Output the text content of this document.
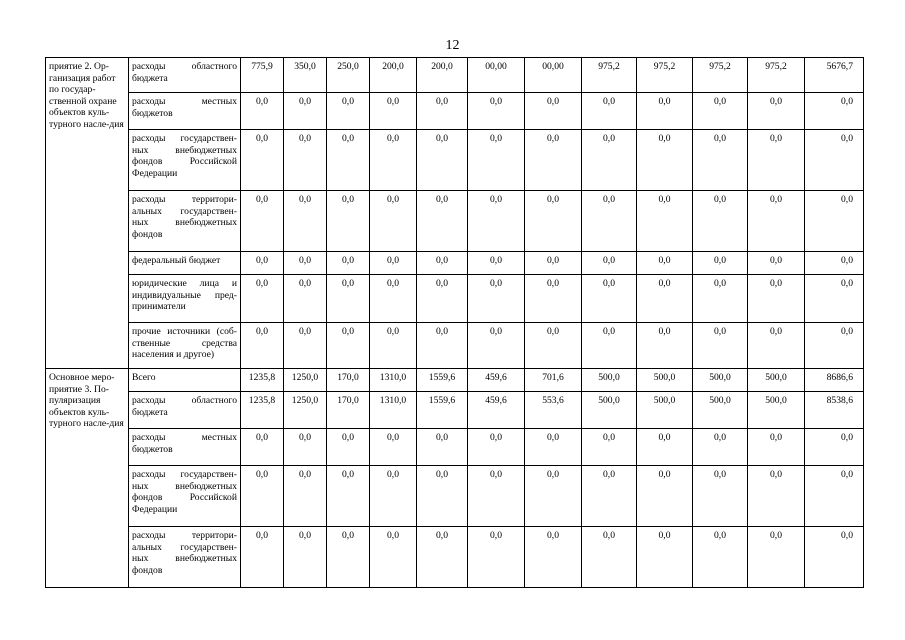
12
приятие 2. Ор-ганизация работ по государ-ственной охране объектов куль-турного насле-дия	расходы областного бюджета	775,9	350,0	250,0	200,0	200,0	00,00	00,00	975,2	975,2	975,2	975,2	5676,7
	расходы местных бюджетов	0,0	0,0	0,0	0,0	0,0	0,0	0,0	0,0	0,0	0,0	0,0	0,0
	расходы государствен-ных внебюджетных фондов Российской Федерации	0,0	0,0	0,0	0,0	0,0	0,0	0,0	0,0	0,0	0,0	0,0	0,0
	расходы территори-альных государствен-ных внебюджетных фондов	0,0	0,0	0,0	0,0	0,0	0,0	0,0	0,0	0,0	0,0	0,0	0,0
	федеральный бюджет	0,0	0,0	0,0	0,0	0,0	0,0	0,0	0,0	0,0	0,0	0,0	0,0
	юридические лица и индивидуальные пред-приниматели	0,0	0,0	0,0	0,0	0,0	0,0	0,0	0,0	0,0	0,0	0,0	0,0
	прочие источники (соб-ственные средства населения и другое)	0,0	0,0	0,0	0,0	0,0	0,0	0,0	0,0	0,0	0,0	0,0	0,0
Основное меро-приятие 3. По-пуляризация объектов куль-турного насле-дия	Всего	1235,8	1250,0	170,0	1310,0	1559,6	459,6	701,6	500,0	500,0	500,0	500,0	8686,6
	расходы областного бюджета	1235,8	1250,0	170,0	1310,0	1559,6	459,6	553,6	500,0	500,0	500,0	500,0	8538,6
	расходы местных бюджетов	0,0	0,0	0,0	0,0	0,0	0,0	0,0	0,0	0,0	0,0	0,0	0,0
	расходы государствен-ных внебюджетных фондов Российской Федерации	0,0	0,0	0,0	0,0	0,0	0,0	0,0	0,0	0,0	0,0	0,0	0,0
	расходы территори-альных государствен-ных внебюджетных фондов	0,0	0,0	0,0	0,0	0,0	0,0	0,0	0,0	0,0	0,0	0,0	0,0
